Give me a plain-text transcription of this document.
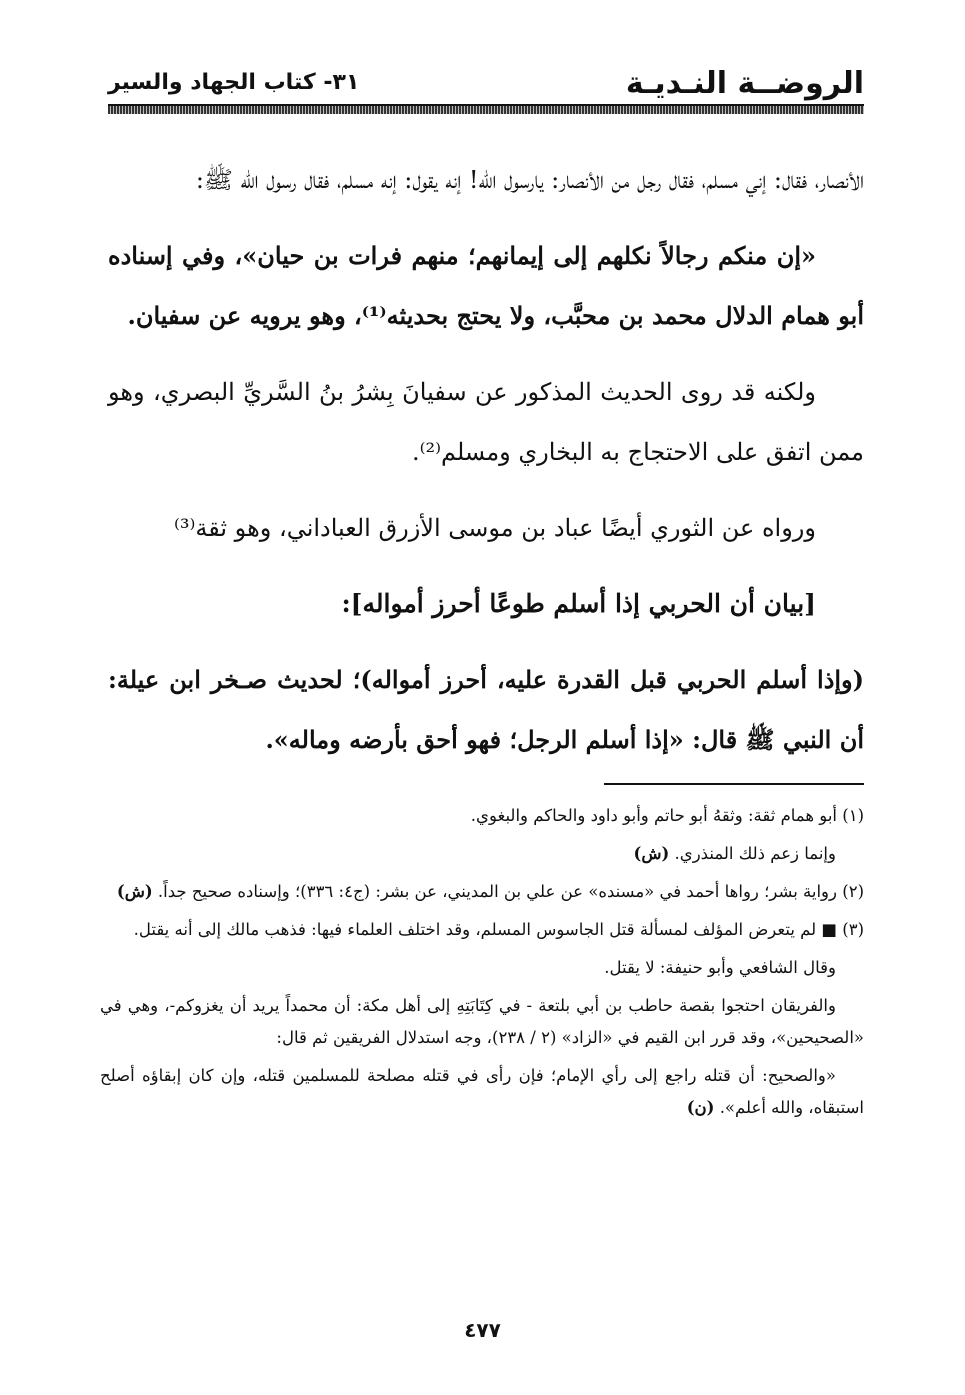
الروضــة النـديـة
٣١- كتاب الجهاد والسير

الأنصار، فقال: إني مسلم، فقال رجل من الأنصار: يارسول الله! إنه يقول: إنه مسلم، فقال رسول الله ﷺ:

«إن منكم رجالاً نكلهم إلى إيمانهم؛ منهم فرات بن حيان»، وفي إسناده أبو همام الدلال محمد بن محبَّب، ولا يحتج بحديثه⁽¹⁾، وهو يرويه عن سفيان.

ولكنه قد روى الحديث المذكور عن سفيانَ بِشرُ بنُ السَّريِّ البصري، وهو ممن اتفق على الاحتجاج به البخاري ومسلم⁽²⁾.

ورواه عن الثوري أيضًا عباد بن موسى الأزرق العباداني، وهو ثقة⁽³⁾

[بيان أن الحربي إذا أسلم طوعًا أحرز أمواله]:

(وإذا أسلم الحربي قبل القدرة عليه، أحرز أمواله)؛ لحديث صـخر ابن عيلة: أن النبي ﷺ قال: «إذا أسلم الرجل؛ فهو أحق بأرضه وماله».

(١) أبو همام ثقة: وثقهُ أبو حاتم وأبو داود والحاكم والبغوي.

وإنما زعم ذلك المنذري. (ش)

(٢) رواية بشر؛ رواها أحمد في «مسنده» عن علي بن المديني، عن بشر: (ج٤: ٣٣٦)؛ وإسناده صحيح جداً. (ش)

(٣) ■ لم يتعرض المؤلف لمسألة قتل الجاسوس المسلم، وقد اختلف العلماء فيها: فذهب مالك إلى أنه يقتل.

وقال الشافعي وأبو حنيفة: لا يقتل.

والفريقان احتجوا بقصة حاطب بن أبي بلتعة - في كِتَابَتِهِ إلى أهل مكة: أن محمداً يريد أن يغزوكم-، وهي في «الصحيحين»، وقد قرر ابن القيم في «الزاد» (٢ / ٢٣٨)، وجه استدلال الفريقين ثم قال:

«والصحيح: أن قتله راجع إلى رأي الإمام؛ فإن رأى في قتله مصلحة للمسلمين قتله، وإن كان إبقاؤه أصلح استبقاه، والله أعلم». (ن)

٤٧٧
